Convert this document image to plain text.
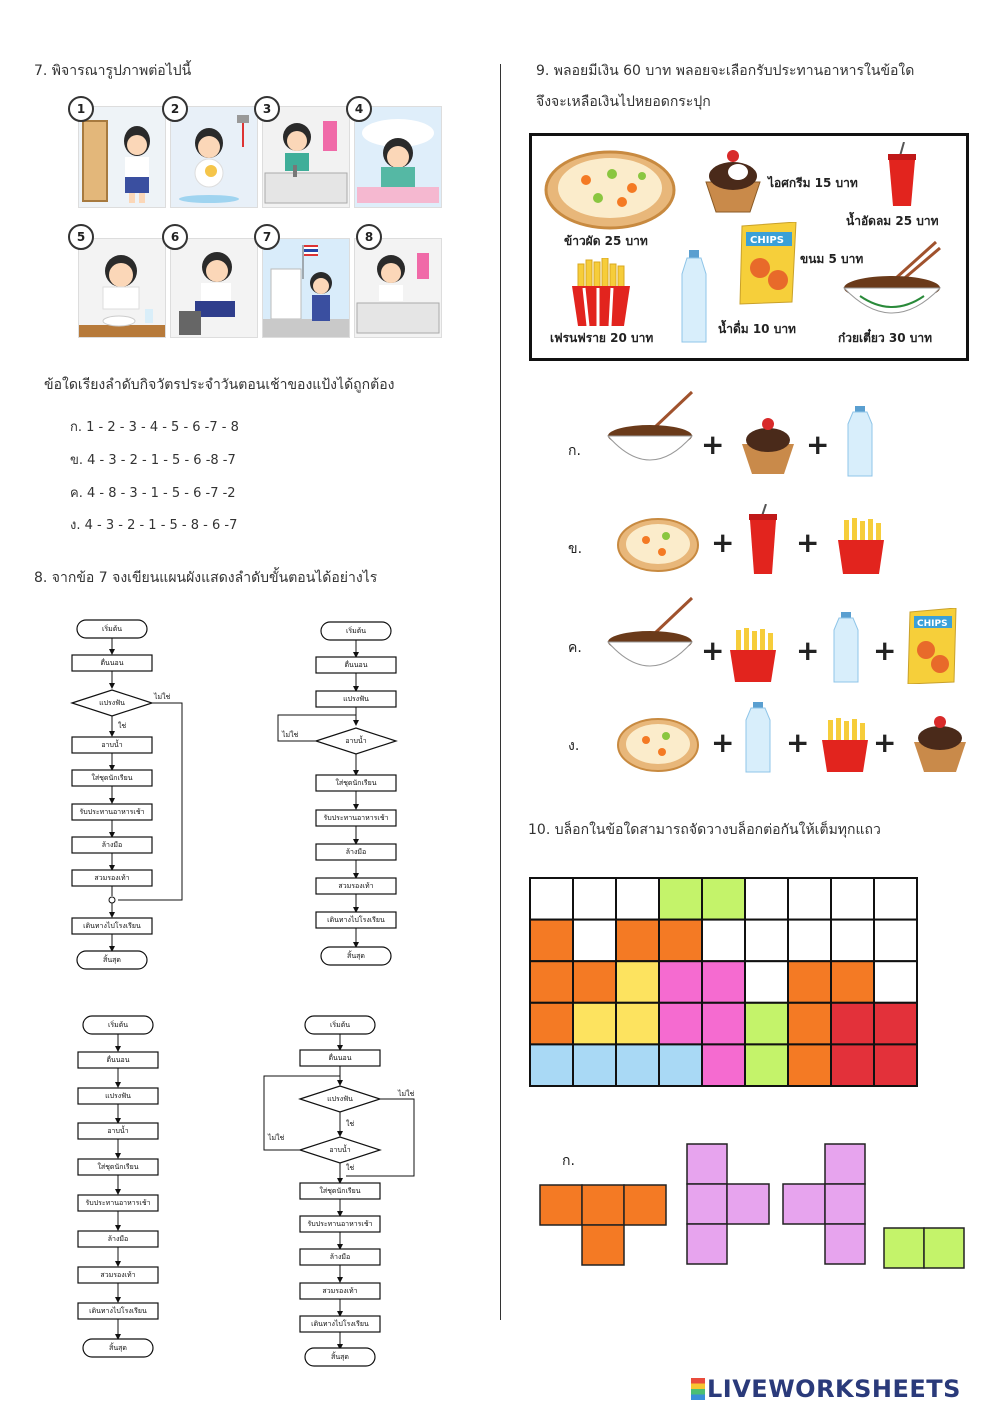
7. พิจารณารูปภาพต่อไปนี้
1	2	3	4
5	6	7	8
ข้อใดเรียงลำดับกิจวัตรประจำวันตอนเช้าของแป้งได้ถูกต้อง
ก. 1 - 2 - 3 - 4 - 5 - 6 -7 - 8
ข. 4 - 3 - 2 - 1 - 5 - 6 -8 -7
ค. 4 - 8 - 3 - 1 - 5 - 6 -7 -2
ง. 4 - 3 - 2 - 1 - 5 - 8 - 6 -7
8. จากข้อ 7 จงเขียนแผนผังแสดงลำดับขั้นตอนได้อย่างไร
เริ่มต้น
ตื่นนอน
แปรงฟัน
ใช่
ไม่ใช่
อาบน้ำ
ใส่ชุดนักเรียน
รับประทานอาหารเช้า
ล้างมือ
สวมรองเท้า
เดินทางไปโรงเรียน
สิ้นสุด
เริ่มต้น
ตื่นนอน
แปรงฟัน
อาบน้ำ
ไม่ใช่
ใส่ชุดนักเรียน
รับประทานอาหารเช้า
ล้างมือ
สวมรองเท้า
เดินทางไปโรงเรียน
สิ้นสุด
เริ่มต้น
ตื่นนอน
แปรงฟัน
อาบน้ำ
ใส่ชุดนักเรียน
รับประทานอาหารเช้า
ล้างมือ
สวมรองเท้า
เดินทางไปโรงเรียน
สิ้นสุด
เริ่มต้น
ตื่นนอน
แปรงฟัน
ไม่ใช่
ใช่
อาบน้ำ
ไม่ใช่
ใช่
ใส่ชุดนักเรียน
รับประทานอาหารเช้า
ล้างมือ
สวมรองเท้า
เดินทางไปโรงเรียน
สิ้นสุด
9. พลอยมีเงิน 60 บาท พลอยจะเลือกรับประทานอาหารในข้อใด
จึงจะเหลือเงินไปหยอดกระปุก
ข้าวผัด 25 บาท
ไอศกรีม 15 บาท
น้ำอัดลม 25 บาท
CHIPS
ขนม 5 บาท
เฟรนฟราย 20 บาท
น้ำดื่ม 10 บาท
ก๋วยเตี๋ยว 30 บาท
ก.
ข.
ค.
ง.
+	+
+ +
+	+ +
CHIPS
+ + +
10. บล็อกในข้อใดสามารถจัดวางบล็อกต่อกันให้เต็มทุกแถว
ก.
LIVEWORKSHEETS
